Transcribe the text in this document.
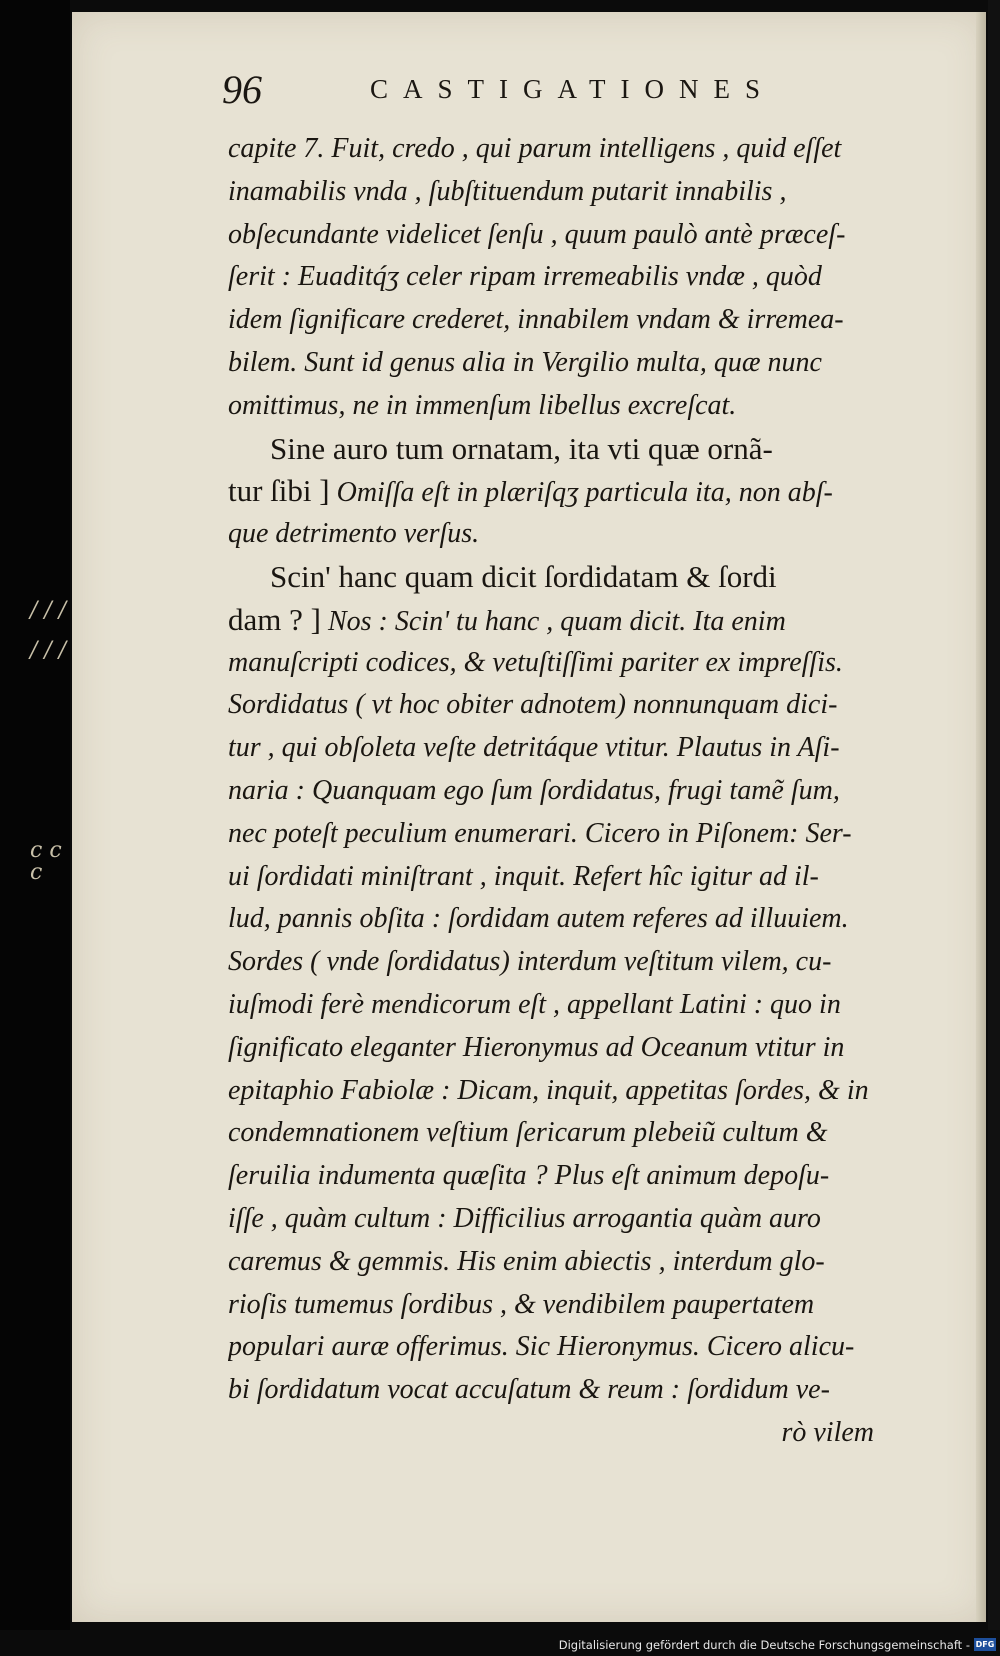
/ / /
/ / /
c c c
96	CASTIGATIONES
capite 7. Fuit, credo , qui parum intelligens , quid eſſet
inamabilis vnda , ſubſtituendum putarit innabilis ,
obſecundante videlicet ſenſu , quum paulò antè præceſ-
ſerit : Euaditq́ʒ celer ripam irremeabilis vndæ , quòd
idem ſignificare crederet, innabilem vndam & irremea-
bilem. Sunt id genus alia in Vergilio multa, quæ nunc
omittimus, ne in immenſum libellus excreſcat.
Sine auro tum ornatam, ita vti quæ ornã-
tur ſibi ] Omiſſa eſt in plæriſqʒ particula ita, non abſ-
que detrimento verſus.
Scin' hanc quam dicit ſordidatam & ſordi
dam ? ] Nos : Scin' tu hanc , quam dicit. Ita enim
manuſcripti codices, & vetuſtiſſimi pariter ex impreſſis.
Sordidatus ( vt hoc obiter adnotem) nonnunquam dici-
tur , qui obſoleta veſte detritáque vtitur. Plautus in Aſi-
naria : Quanquam ego ſum ſordidatus, frugi tamẽ ſum,
nec poteſt peculium enumerari. Cicero in Piſonem: Ser-
ui ſordidati miniſtrant , inquit. Refert hîc igitur ad il-
lud, pannis obſita : ſordidam autem referes ad illuuiem.
Sordes ( vnde ſordidatus) interdum veſtitum vilem, cu-
iuſmodi ferè mendicorum eſt , appellant Latini : quo in
ſignificato eleganter Hieronymus ad Oceanum vtitur in
epitaphio Fabiolæ : Dicam, inquit, appetitas ſordes, & in
condemnationem veſtium ſericarum plebeiũ cultum &
ſeruilia indumenta quæſita ? Plus eſt animum depoſu-
iſſe , quàm cultum : Difficilius arrogantia quàm auro
caremus & gemmis. His enim abiectis , interdum glo-
rioſis tumemus ſordibus , & vendibilem paupertatem
populari auræ offerimus. Sic Hieronymus. Cicero alicu-
bi ſordidatum vocat accuſatum & reum : ſordidum ve-
rò vilem
Digitalisierung gefördert durch die Deutsche Forschungsgemeinschaft - DFG
